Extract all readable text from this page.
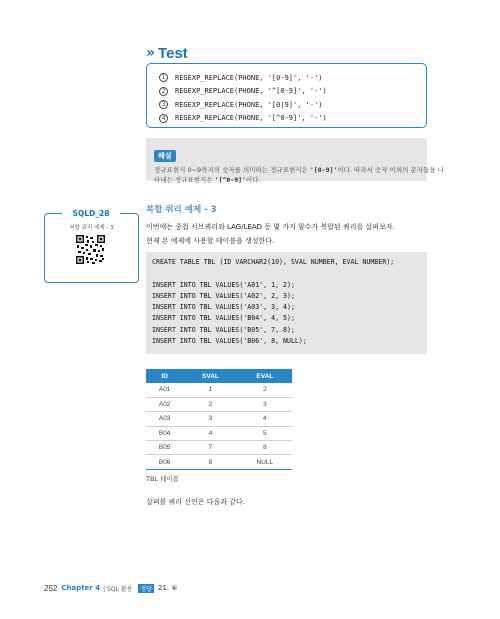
» Test
1	REGEXP_REPLACE(PHONE, '[0-9]', '-')
2	REGEXP_REPLACE(PHONE, '^[0-9]', '-')
3	REGEXP_REPLACE(PHONE, '[0|9]', '-')
4	REGEXP_REPLACE(PHONE, '[^0-9]', '-')
해설
정규표현식 0~9까지의 숫자를 의미하는 정규표현식은 '[0-9]'이다. 따라서 숫자 이외의 문자들을 나
타내는 정규표현식은 '[^0-9]'이다.
SQLD_28
복합 쿼리 예제 - 3
복합 쿼리 예제 - 3
이번에는 중첩 서브쿼리와 LAG/LEAD 등 몇 가지 함수가 복합된 쿼리를 살펴보자.
현재 본 예제에 사용할 테이블을 생성한다.
CREATE TABLE TBL (ID VARCHAR2(10), SVAL NUMBER, EVAL NUMBER);
INSERT INTO TBL VALUES('A01', 1, 2);
INSERT INTO TBL VALUES('A02', 2, 3);
INSERT INTO TBL VALUES('A03', 3, 4);
INSERT INTO TBL VALUES('B04', 4, 5);
INSERT INTO TBL VALUES('B05', 7, 8);
INSERT INTO TBL VALUES('B06', 8, NULL);
ID	SVAL	EVAL
A01	1	2
A02	2	3
A03	3	4
B04	4	5
B05	7	8
B06	8	NULL
TBL 테이블
살펴볼 쿼리 선언은 다음과 같다.
252 Chapter 4 | SQL 활용	정답 21. ④
